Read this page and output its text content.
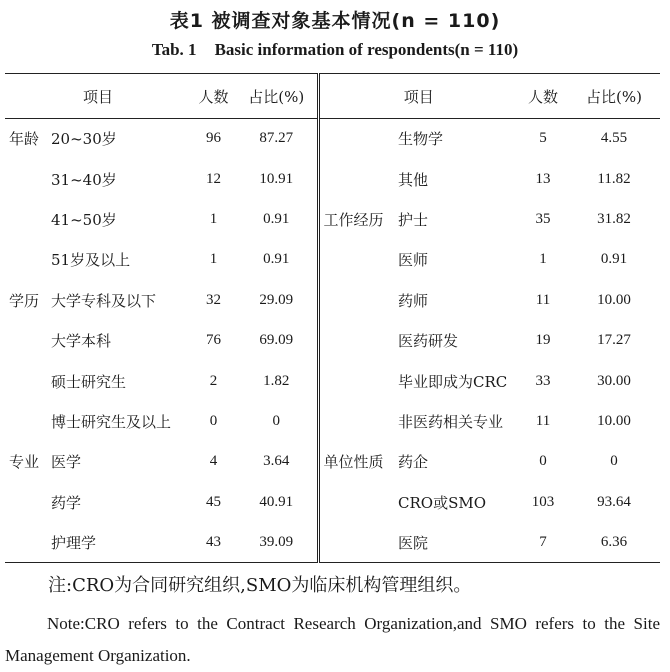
表1 被调查对象基本情况(n = 110)
Tab. 1 Basic information of respondents(n = 110)
项目		人数	占比(%)	项目		人数	占比(%)
年龄	20~30岁	96	87.27		生物学	5	4.55
	31~40岁	12	10.91		其他	13	11.82
	41~50岁	1	0.91	工作经历	护士	35	31.82
	51岁及以上	1	0.91		医师	1	0.91
学历	大学专科及以下	32	29.09		药师	11	10.00
	大学本科	76	69.09		医药研发	19	17.27
	硕士研究生	2	1.82		毕业即成为CRC	33	30.00
	博士研究生及以上	0	0		非医药相关专业	11	10.00
专业	医学	4	3.64	单位性质	药企	0	0
	药学	45	40.91		CRO或SMO	103	93.64
	护理学	43	39.09		医院	7	6.36
注:CRO为合同研究组织,SMO为临床机构管理组织。
Note:CRO refers to the Contract Research Organization,and SMO refers to the Site Management Organization.
